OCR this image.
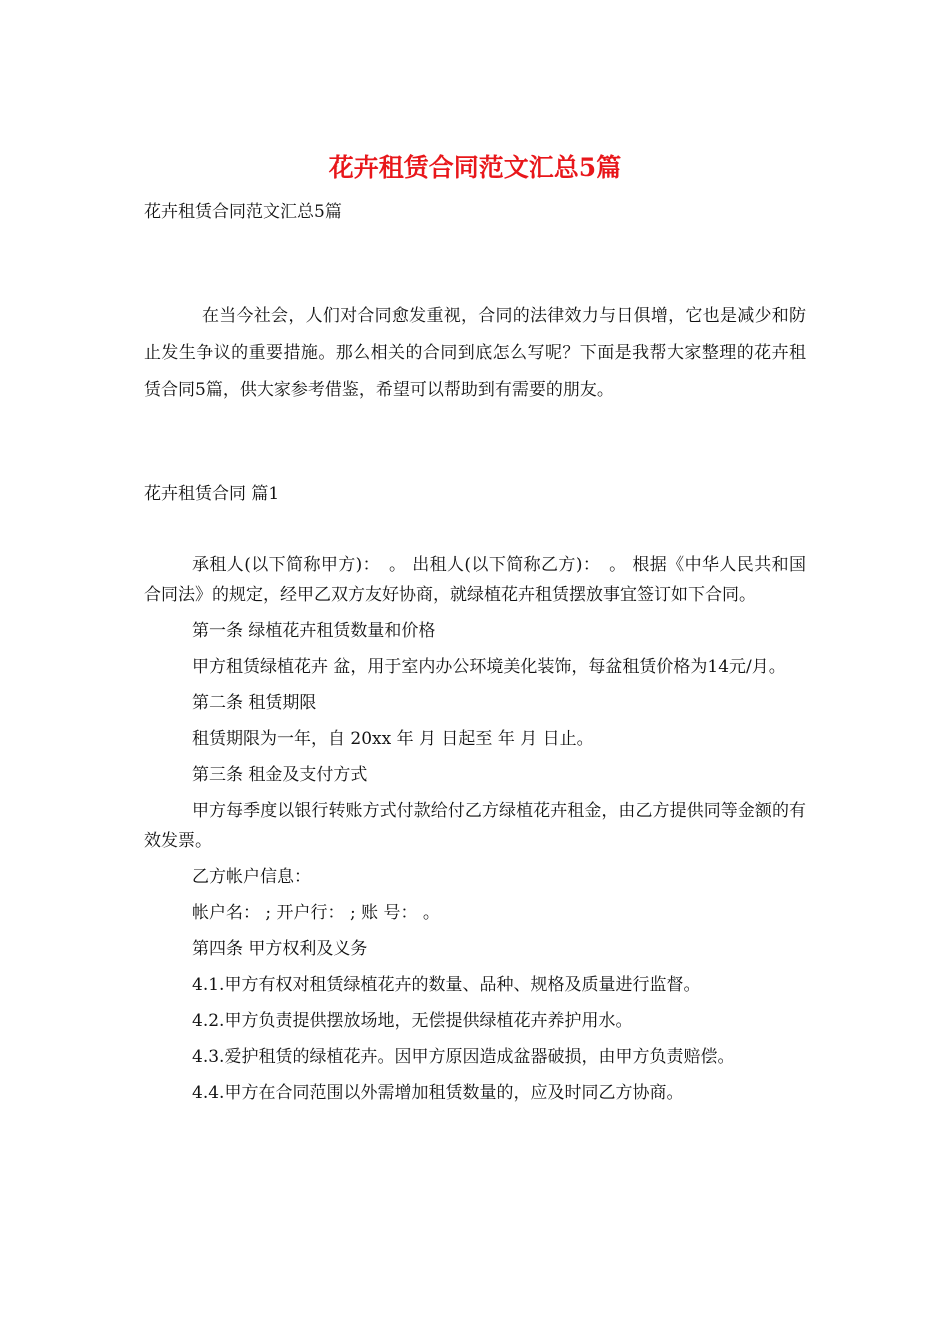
花卉租赁合同范文汇总5篇
花卉租赁合同范文汇总5篇
在当今社会，人们对合同愈发重视，合同的法律效力与日俱增，它也是减少和防止发生争议的重要措施。那么相关的合同到底怎么写呢？下面是我帮大家整理的花卉租赁合同5篇，供大家参考借鉴，希望可以帮助到有需要的朋友。
花卉租赁合同 篇1

承租人(以下简称甲方)：　。 出租人(以下简称乙方)：　。 根据《中华人民共和国合同法》的规定，经甲乙双方友好协商，就绿植花卉租赁摆放事宜签订如下合同。

第一条 绿植花卉租赁数量和价格

甲方租赁绿植花卉 盆，用于室内办公环境美化装饰，每盆租赁价格为14元/月。

第二条 租赁期限

租赁期限为一年，自 20xx 年 月 日起至 年 月 日止。

第三条 租金及支付方式

甲方每季度以银行转账方式付款给付乙方绿植花卉租金，由乙方提供同等金额的有效发票。

乙方帐户信息：

帐户名： ; 开户行： ; 账 号： 。

第四条 甲方权利及义务

4.1.甲方有权对租赁绿植花卉的数量、品种、规格及质量进行监督。

4.2.甲方负责提供摆放场地，无偿提供绿植花卉养护用水。

4.3.爱护租赁的绿植花卉。因甲方原因造成盆器破损，由甲方负责赔偿。

4.4.甲方在合同范围以外需增加租赁数量的，应及时同乙方协商。
